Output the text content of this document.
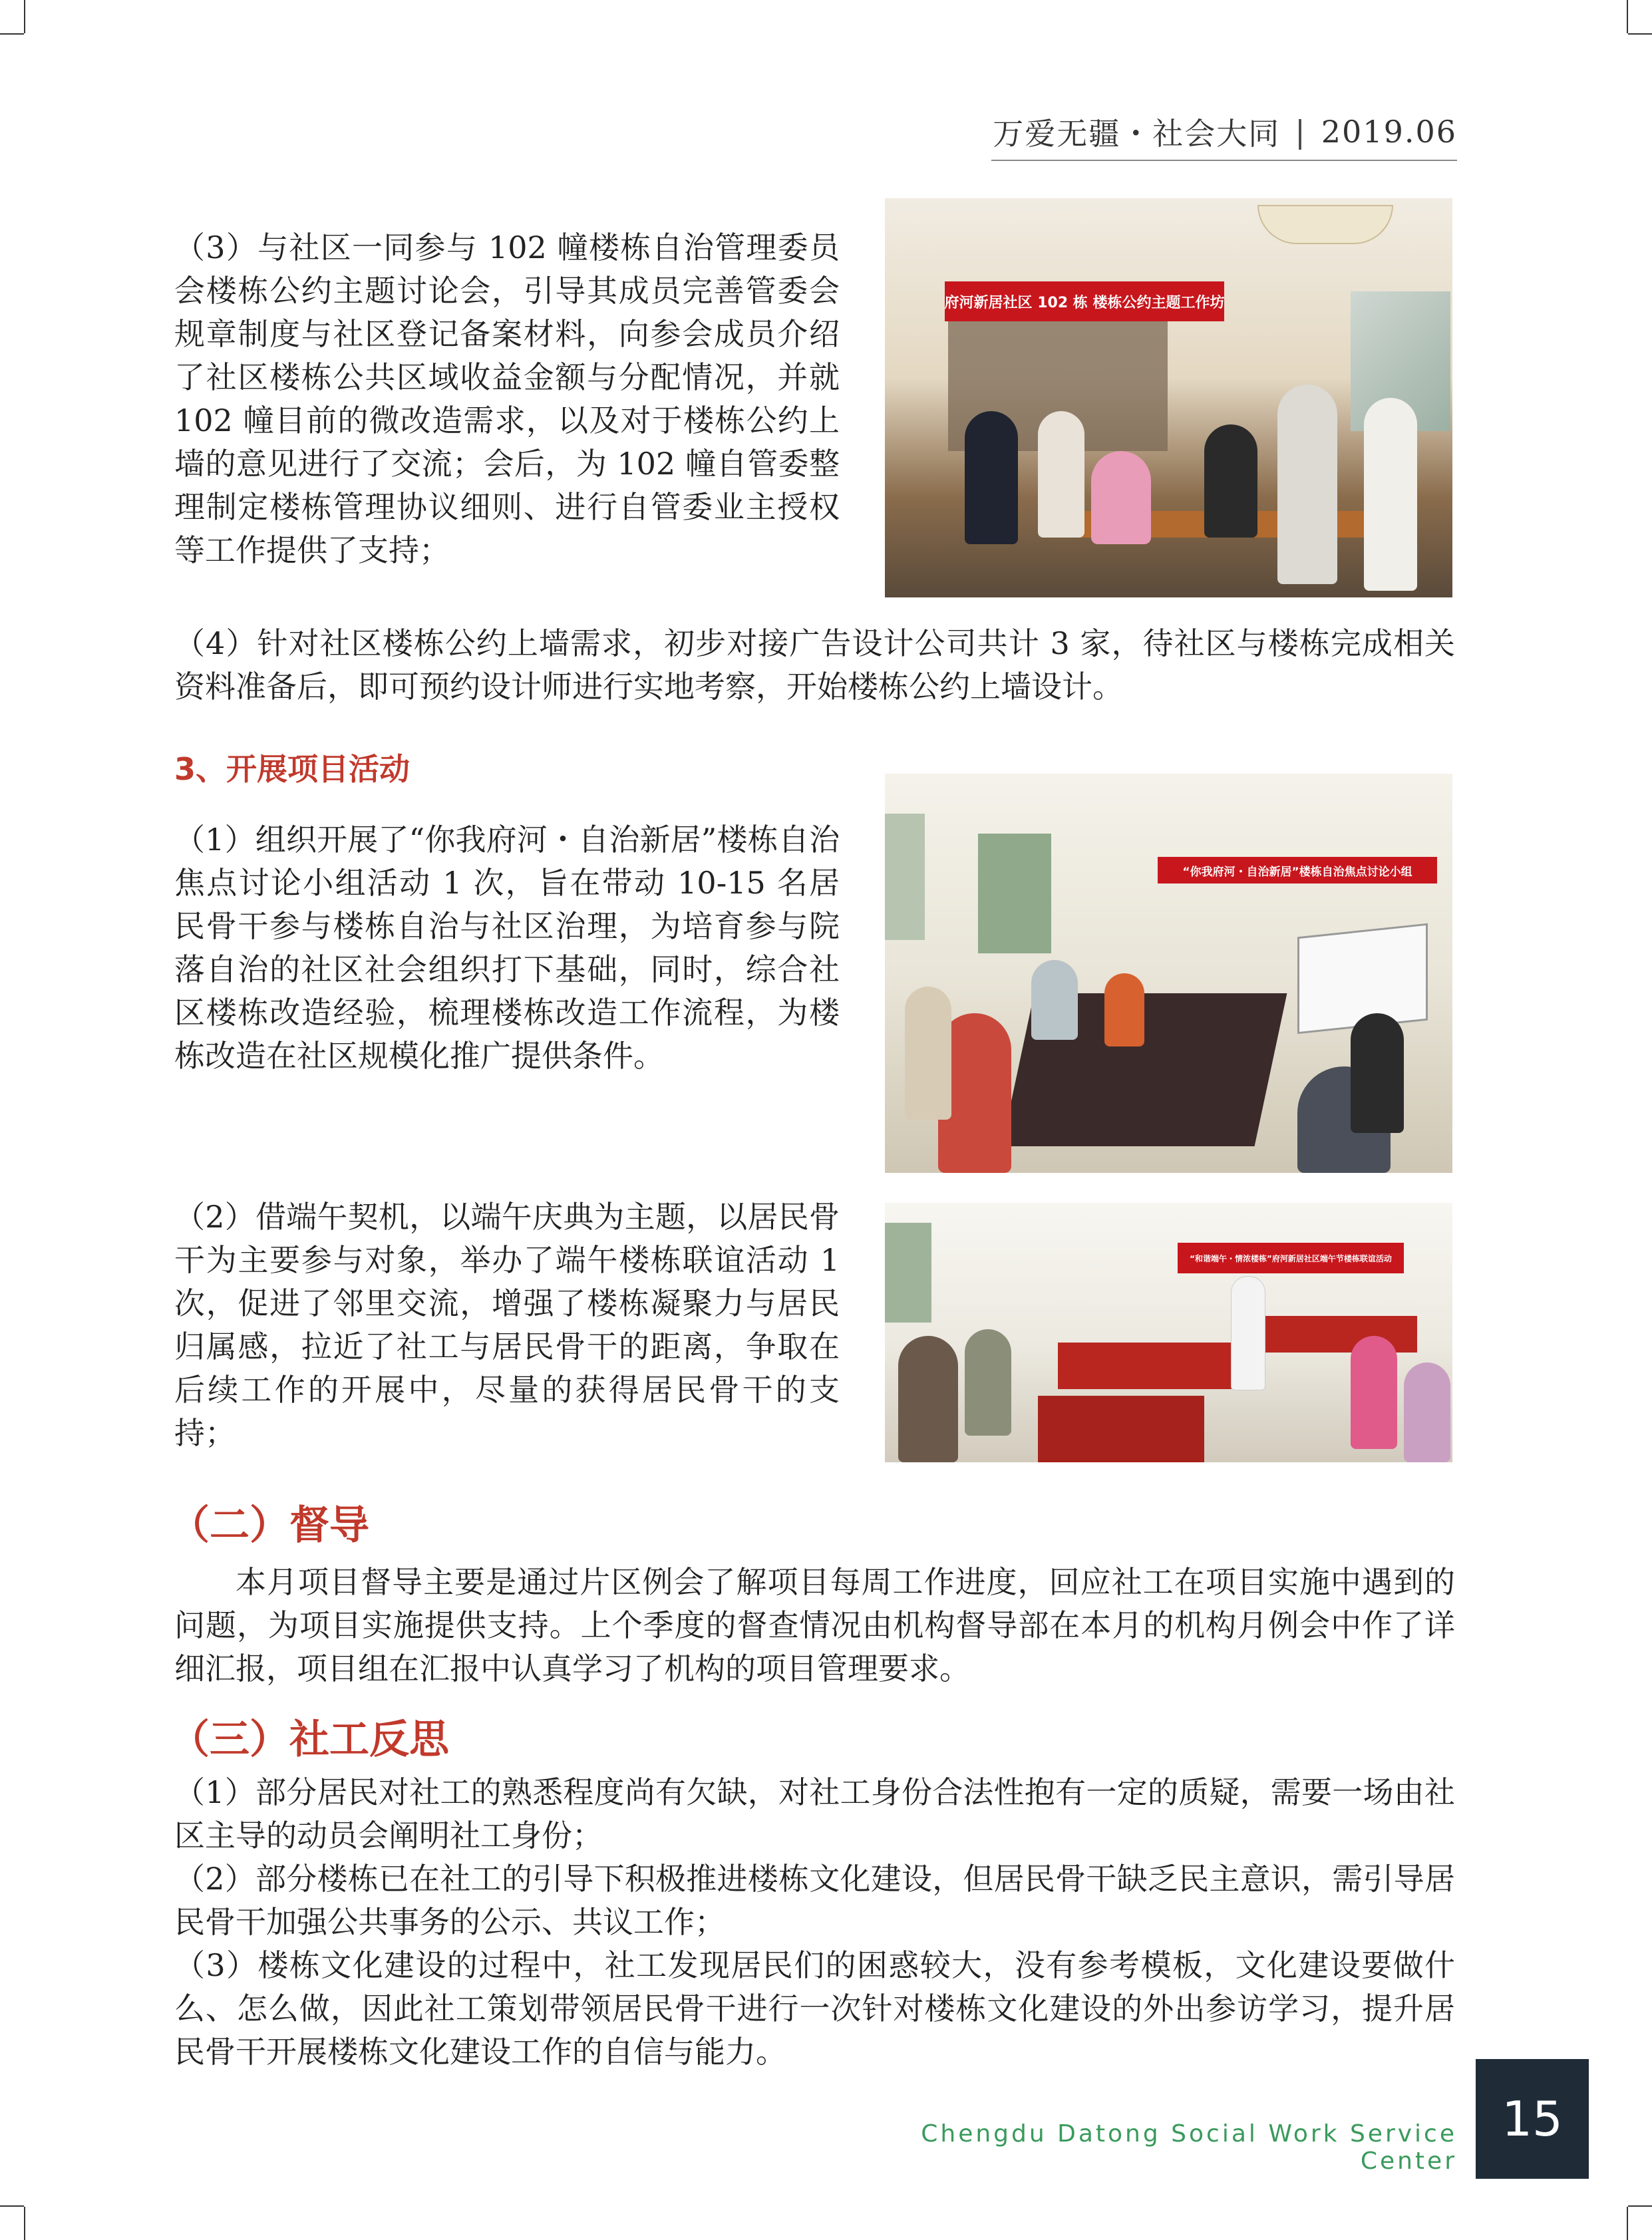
万爱无疆・社会大同 | 2019.06

（3）与社区一同参与 102 幢楼栋自治管理委员会楼栋公约主题讨论会，引导其成员完善管委会规章制度与社区登记备案材料，向参会成员介绍了社区楼栋公共区域收益金额与分配情况，并就 102 幢目前的微改造需求，以及对于楼栋公约上墙的意见进行了交流；会后，为 102 幢自管委整理制定楼栋管理协议细则、进行自管委业主授权等工作提供了支持；

府河新居社区 102 栋 楼栋公约主题工作坊

（4）针对社区楼栋公约上墙需求，初步对接广告设计公司共计 3 家，待社区与楼栋完成相关资料准备后，即可预约设计师进行实地考察，开始楼栋公约上墙设计。

3、开展项目活动

（1）组织开展了“你我府河・自治新居”楼栋自治焦点讨论小组活动 1 次，旨在带动 10-15 名居民骨干参与楼栋自治与社区治理，为培育参与院落自治的社区社会组织打下基础，同时，综合社区楼栋改造经验，梳理楼栋改造工作流程，为楼栋改造在社区规模化推广提供条件。

“你我府河・自治新居”楼栋自治焦点讨论小组

（2）借端午契机，以端午庆典为主题，以居民骨干为主要参与对象，举办了端午楼栋联谊活动 1 次，促进了邻里交流，增强了楼栋凝聚力与居民归属感，拉近了社工与居民骨干的距离，争取在后续工作的开展中，尽量的获得居民骨干的支持；

“和谐端午・情浓楼栋”府河新居社区端午节楼栋联谊活动
（二）督导

本月项目督导主要是通过片区例会了解项目每周工作进度，回应社工在项目实施中遇到的问题，为项目实施提供支持。上个季度的督查情况由机构督导部在本月的机构月例会中作了详细汇报，项目组在汇报中认真学习了机构的项目管理要求。

（三）社工反思

（1）部分居民对社工的熟悉程度尚有欠缺，对社工身份合法性抱有一定的质疑，需要一场由社区主导的动员会阐明社工身份；

（2）部分楼栋已在社工的引导下积极推进楼栋文化建设，但居民骨干缺乏民主意识，需引导居民骨干加强公共事务的公示、共议工作；

（3）楼栋文化建设的过程中，社工发现居民们的困惑较大，没有参考模板，文化建设要做什么、怎么做，因此社工策划带领居民骨干进行一次针对楼栋文化建设的外出参访学习，提升居民骨干开展楼栋文化建设工作的自信与能力。

Chengdu Datong Social Work Service Center
15
